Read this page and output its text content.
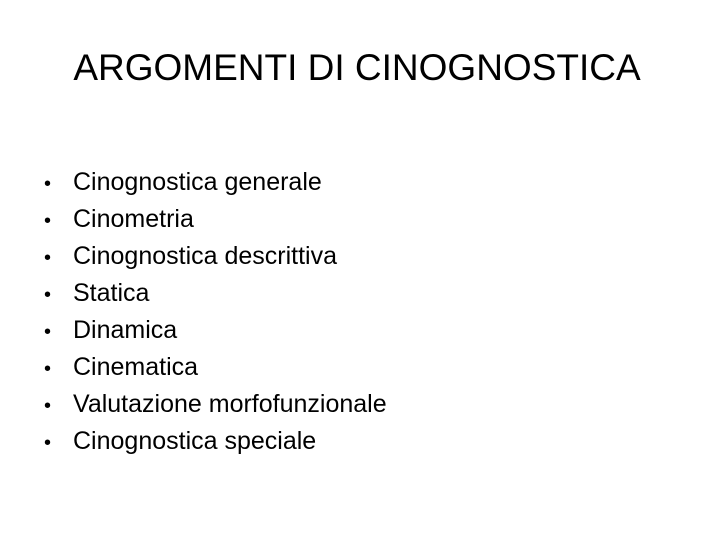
ARGOMENTI DI CINOGNOSTICA
• Cinognostica generale
• Cinometria
• Cinognostica descrittiva
• Statica
• Dinamica
• Cinematica
• Valutazione morfofunzionale
• Cinognostica speciale
